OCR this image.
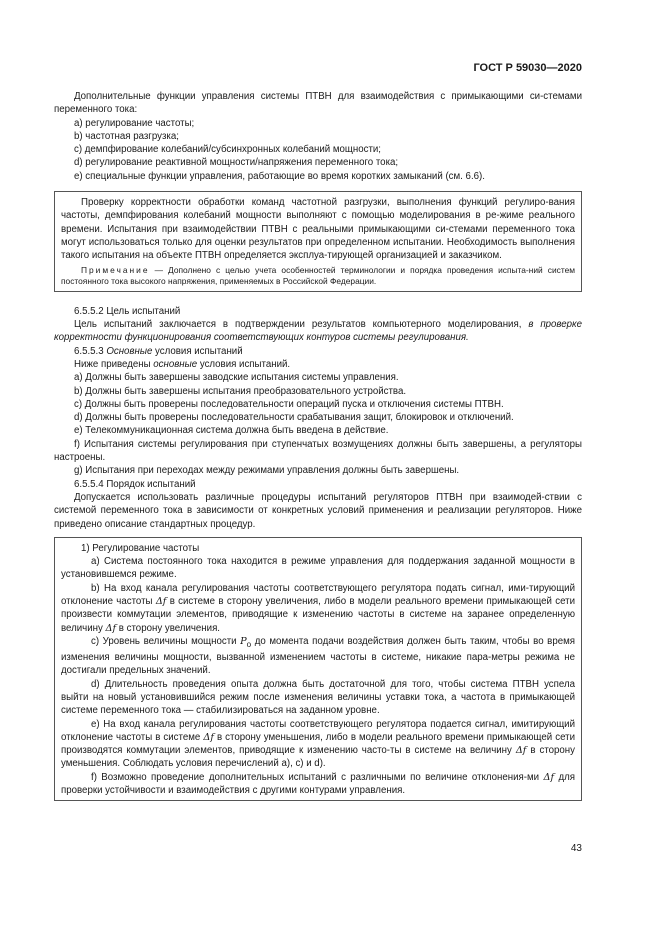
ГОСТ Р 59030—2020

Дополнительные функции управления системы ПТВН для взаимодействия с примыкающими си-стемами переменного тока:

а) регулирование частоты;

b) частотная разгрузка;

c) демпфирование колебаний/субсинхронных колебаний мощности;

d) регулирование реактивной мощности/напряжения переменного тока;

е) специальные функции управления, работающие во время коротких замыканий (см. 6.6).

Проверку корректности обработки команд частотной разгрузки, выполнения функций регулиро-вания частоты, демпфирования колебаний мощности выполняют с помощью моделирования в ре-жиме реального времени. Испытания при взаимодействии ПТВН с реальными примыкающими си-стемами переменного тока могут использоваться только для оценки результатов при определенном испытании. Необходимость выполнения такого испытания на объекте ПТВН определяется эксплуа-тирующей организацией и заказчиком.

Примечание — Дополнено с целью учета особенностей терминологии и порядка проведения испыта-ний систем постоянного тока высокого напряжения, применяемых в Российской Федерации.

6.5.5.2 Цель испытаний

Цель испытаний заключается в подтверждении результатов компьютерного моделирования, в проверке корректности функционирования соответствующих контуров системы регулирования.

6.5.5.3 Основные условия испытаний

Ниже приведены основные условия испытаний.

а) Должны быть завершены заводские испытания системы управления.

b) Должны быть завершены испытания преобразовательного устройства.

c) Должны быть проверены последовательности операций пуска и отключения системы ПТВН.

d) Должны быть проверены последовательности срабатывания защит, блокировок и отключений.

е) Телекоммуникационная система должна быть введена в действие.

f) Испытания системы регулирования при ступенчатых возмущениях должны быть завершены, а регуляторы настроены.

g) Испытания при переходах между режимами управления должны быть завершены.

6.5.5.4 Порядок испытаний

Допускается использовать различные процедуры испытаний регуляторов ПТВН при взаимодей-ствии с системой переменного тока в зависимости от конкретных условий применения и реализации регуляторов. Ниже приведено описание стандартных процедур.

1) Регулирование частоты

а) Система постоянного тока находится в режиме управления для поддержания заданной мощности в установившемся режиме.

b) На вход канала регулирования частоты соответствующего регулятора подать сигнал, ими-тирующий отклонение частоты Δf в системе в сторону увеличения, либо в модели реального времени примыкающей сети произвести коммутации элементов, приводящие к изменению частоты в системе на заранее определенную величину Δf в сторону увеличения.

c) Уровень величины мощности $P_о$ до момента подачи воздействия должен быть таким, чтобы во время изменения величины мощности, вызванной изменением частоты в системе, никакие пара-метры режима не достигали предельных значений.

d) Длительность проведения опыта должна быть достаточной для того, чтобы система ПТВН успела выйти на новый установившийся режим после изменения величины уставки тока, а частота в примыкающей системе переменного тока — стабилизироваться на заданном уровне.

е) На вход канала регулирования частоты соответствующего регулятора подается сигнал, имитирующий отклонение частоты в системе Δf в сторону уменьшения, либо в модели реального времени примыкающей сети производятся коммутации элементов, приводящие к изменению часто-ты в системе на величину Δf в сторону уменьшения. Соблюдать условия перечислений а), с) и d).

f) Возможно проведение дополнительных испытаний с различными по величине отклонения-ми Δf для проверки устойчивости и взаимодействия с другими контурами управления.

43
